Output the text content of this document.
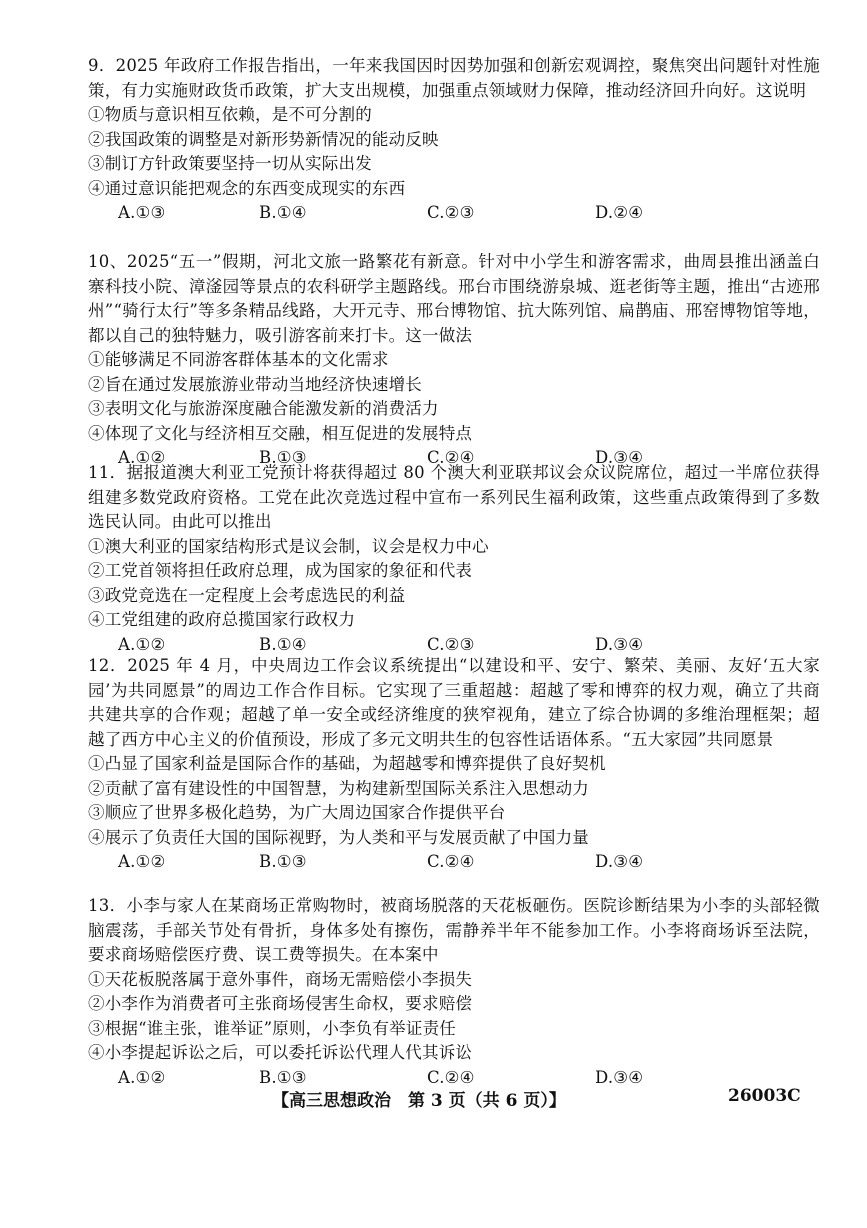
9．2025 年政府工作报告指出，一年来我国因时因势加强和创新宏观调控，聚焦突出问题针对性施策，有力实施财政货币政策，扩大支出规模，加强重点领域财力保障，推动经济回升向好。这说明

①物质与意识相互依赖，是不可分割的

②我国政策的调整是对新形势新情况的能动反映

③制订方针政策要坚持一切从实际出发

④通过意识能把观念的东西变成现实的东西

A.①③	B.①④	C.②③	D.②④

10、2025“五一”假期，河北文旅一路繁花有新意。针对中小学生和游客需求，曲周县推出涵盖白寨科技小院、漳滏园等景点的农科研学主题路线。邢台市围绕游泉城、逛老街等主题，推出“古迹邢州”“骑行太行”等多条精品线路，大开元寺、邢台博物馆、抗大陈列馆、扁鹊庙、邢窑博物馆等地，都以自己的独特魅力，吸引游客前来打卡。这一做法

①能够满足不同游客群体基本的文化需求

②旨在通过发展旅游业带动当地经济快速增长

③表明文化与旅游深度融合能激发新的消费活力

④体现了文化与经济相互交融，相互促进的发展特点

A.①②	B.①③	C.②④	D.③④

11．据报道澳大利亚工党预计将获得超过 80 个澳大利亚联邦议会众议院席位，超过一半席位获得组建多数党政府资格。工党在此次竞选过程中宣布一系列民生福利政策，这些重点政策得到了多数选民认同。由此可以推出

①澳大利亚的国家结构形式是议会制，议会是权力中心

②工党首领将担任政府总理，成为国家的象征和代表

③政党竞选在一定程度上会考虑选民的利益

④工党组建的政府总揽国家行政权力

A.①②	B.①④	C.②③	D.③④

12．2025 年 4 月，中央周边工作会议系统提出“以建设和平、安宁、繁荣、美丽、友好‘五大家园’为共同愿景”的周边工作合作目标。它实现了三重超越：超越了零和博弈的权力观，确立了共商共建共享的合作观；超越了单一安全或经济维度的狭窄视角，建立了综合协调的多维治理框架；超越了西方中心主义的价值预设，形成了多元文明共生的包容性话语体系。“五大家园”共同愿景

①凸显了国家利益是国际合作的基础，为超越零和博弈提供了良好契机

②贡献了富有建设性的中国智慧，为构建新型国际关系注入思想动力

③顺应了世界多极化趋势，为广大周边国家合作提供平台

④展示了负责任大国的国际视野，为人类和平与发展贡献了中国力量

A.①②	B.①③	C.②④	D.③④

13．小李与家人在某商场正常购物时，被商场脱落的天花板砸伤。医院诊断结果为小李的头部轻微脑震荡，手部关节处有骨折，身体多处有擦伤，需静养半年不能参加工作。小李将商场诉至法院，要求商场赔偿医疗费、误工费等损失。在本案中

①天花板脱落属于意外事件，商场无需赔偿小李损失

②小李作为消费者可主张商场侵害生命权，要求赔偿

③根据“谁主张，谁举证”原则，小李负有举证责任

④小李提起诉讼之后，可以委托诉讼代理人代其诉讼

A.①②	B.①③	C.②④	D.③④
【高三思想政治　第 3 页（共 6 页）】	26003C
